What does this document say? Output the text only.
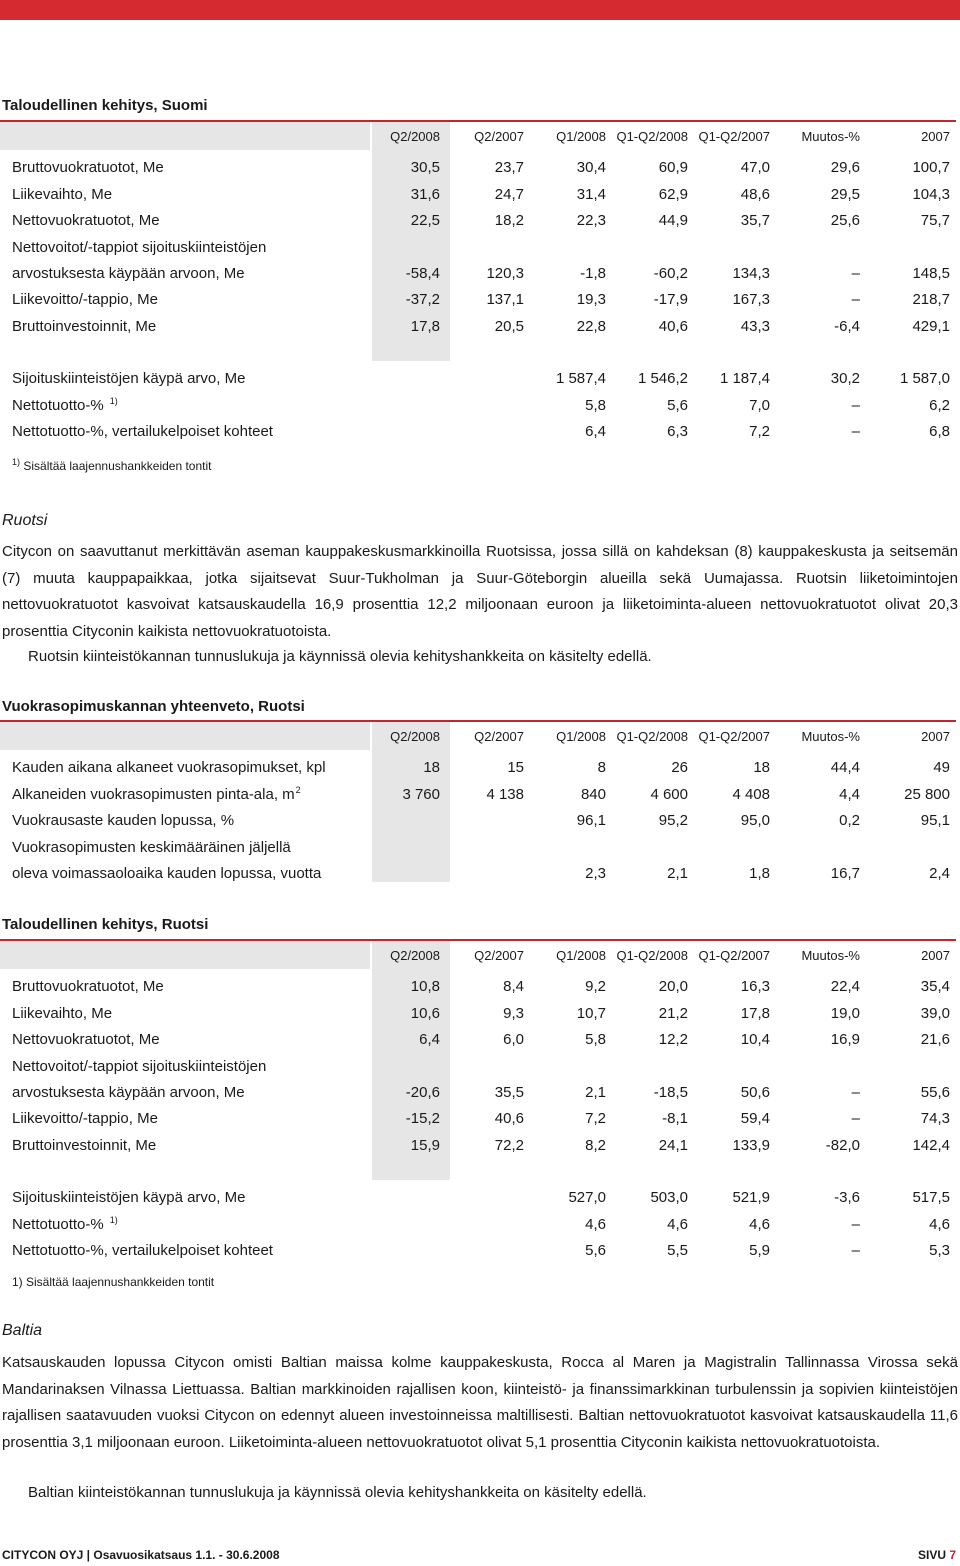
Taloudellinen kehitys, Suomi
	Q2/2008	Q2/2007	Q1/2008	Q1-Q2/2008	Q1-Q2/2007	Muutos-%	2007
Bruttovuokratuotot, Me	30,5	23,7	30,4	60,9	47,0	29,6	100,7
Liikevaihto, Me	31,6	24,7	31,4	62,9	48,6	29,5	104,3
Nettovuokratuotot, Me	22,5	18,2	22,3	44,9	35,7	25,6	75,7
Nettovoitot/-tappiot sijoituskiinteistöjen							
arvostuksesta käypään arvoon, Me	-58,4	120,3	-1,8	-60,2	134,3	–	148,5
Liikevoitto/-tappio, Me	-37,2	137,1	19,3	-17,9	167,3	–	218,7
Bruttoinvestoinnit, Me	17,8	20,5	22,8	40,6	43,3	-6,4	429,1

Sijoituskiinteistöjen käypä arvo, Me			1 587,4	1 546,2	1 187,4	30,2	1 587,0
Nettotuotto-% $^{1)}$			5,8	5,6	7,0	–	6,2
Nettotuotto-%, vertailukelpoiset kohteet			6,4	6,3	7,2	–	6,8
$^{1)}$ Sisältää laajennushankkeiden tontit
Ruotsi

Citycon on saavuttanut merkittävän aseman kauppakeskusmarkkinoilla Ruotsissa, jossa sillä on kahdeksan (8) kauppakeskusta ja seitsemän (7) muuta kauppapaikkaa, jotka sijaitsevat Suur-Tukholman ja Suur-Göteborgin alueilla sekä Uumajassa. Ruotsin liiketoimintojen nettovuokratuotot kasvoivat katsauskaudella 16,9 prosenttia 12,2 miljoonaan euroon ja liiketoiminta-alueen nettovuokratuotot olivat 20,3 prosenttia Cityconin kaikista nettovuokratuotoista.

Ruotsin kiinteistökannan tunnuslukuja ja käynnissä olevia kehityshankkeita on käsitelty edellä.

Vuokrasopimuskannan yhteenveto, Ruotsi
	Q2/2008	Q2/2007	Q1/2008	Q1-Q2/2008	Q1-Q2/2007	Muutos-%	2007
Kauden aikana alkaneet vuokrasopimukset, kpl	18	15	8	26	18	44,4	49
Alkaneiden vuokrasopimusten pinta-ala, $m^2$	3 760	4 138	840	4 600	4 408	4,4	25 800
Vuokrausaste kauden lopussa, %			96,1	95,2	95,0	0,2	95,1
Vuokrasopimusten keskimääräinen jäljellä							
oleva voimassaoloaika kauden lopussa, vuotta			2,3	2,1	1,8	16,7	2,4
Taloudellinen kehitys, Ruotsi
	Q2/2008	Q2/2007	Q1/2008	Q1-Q2/2008	Q1-Q2/2007	Muutos-%	2007
Bruttovuokratuotot, Me	10,8	8,4	9,2	20,0	16,3	22,4	35,4
Liikevaihto, Me	10,6	9,3	10,7	21,2	17,8	19,0	39,0
Nettovuokratuotot, Me	6,4	6,0	5,8	12,2	10,4	16,9	21,6
Nettovoitot/-tappiot sijoituskiinteistöjen							
arvostuksesta käypään arvoon, Me	-20,6	35,5	2,1	-18,5	50,6	–	55,6
Liikevoitto/-tappio, Me	-15,2	40,6	7,2	-8,1	59,4	–	74,3
Bruttoinvestoinnit, Me	15,9	72,2	8,2	24,1	133,9	-82,0	142,4

Sijoituskiinteistöjen käypä arvo, Me			527,0	503,0	521,9	-3,6	517,5
Nettotuotto-% $^{1)}$			4,6	4,6	4,6	–	4,6
Nettotuotto-%, vertailukelpoiset kohteet			5,6	5,5	5,9	–	5,3
1) Sisältää laajennushankkeiden tontit
Baltia

Katsauskauden lopussa Citycon omisti Baltian maissa kolme kauppakeskusta, Rocca al Maren ja Magistralin Tallinnassa Virossa sekä Mandarinaksen Vilnassa Liettuassa. Baltian markkinoiden rajallisen koon, kiinteistö- ja finanssimarkkinan turbulenssin ja sopivien kiinteistöjen rajallisen saatavuuden vuoksi Citycon on edennyt alueen investoinneissa maltillisesti. Baltian nettovuokratuotot kasvoivat katsauskaudella 11,6 prosenttia 3,1 miljoonaan euroon. Liiketoiminta-alueen nettovuokratuotot olivat 5,1 prosenttia Cityconin kaikista nettovuokratuotoista.

Baltian kiinteistökannan tunnuslukuja ja käynnissä olevia kehityshankkeita on käsitelty edellä.

CITYCON OYJ | Osavuosikatsaus 1.1. - 30.6.2008	SIVU 7
